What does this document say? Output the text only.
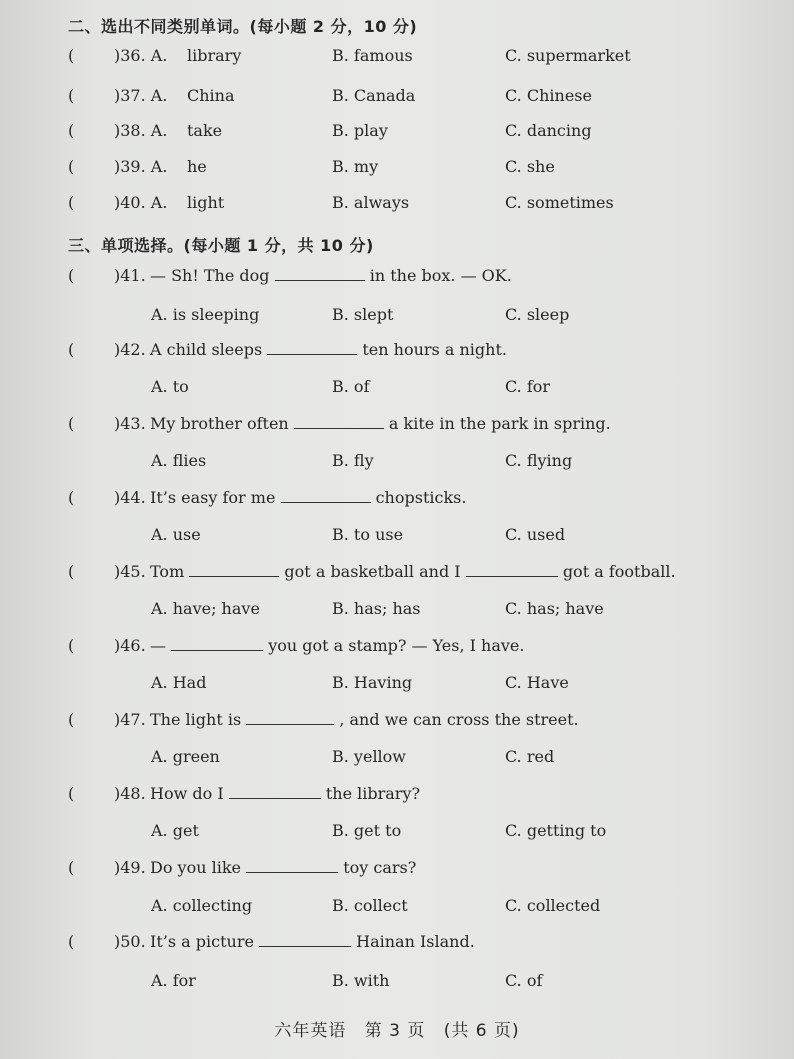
二、选出不同类别单词。(每小题 2 分，10 分)
( )36. A. library	B. famous	C. supermarket
( )37. A. China	B. Canada	C. Chinese
( )38. A. take	B. play	C. dancing
( )39. A. he	B. my	C. she
( )40. A. light	B. always	C. sometimes
三、单项选择。(每小题 1 分，共 10 分)
( )41. — Sh! The dog	in the box. — OK.
A. is sleeping	B. slept	C. sleep
( )42. A child sleeps	ten hours a night.
A. to	B. of	C. for
( )43. My brother often	a kite in the park in spring.
A. flies	B. fly	C. flying
( )44. It’s easy for me	chopsticks.
A. use	B. to use	C. used
( )45. Tom	got a basketball and I	got a football.
A. have; have	B. has; has	C. has; have
( )46. —	you got a stamp? — Yes, I have.
A. Had	B. Having	C. Have
( )47. The light is	, and we can cross the street.
A. green	B. yellow	C. red
( )48. How do I	the library?
A. get	B. get to	C. getting to
( )49. Do you like	toy cars?
A. collecting	B. collect	C. collected
( )50. It’s a picture	Hainan Island.
A. for	B. with	C. of
六年英语 第 3 页 (共 6 页)
